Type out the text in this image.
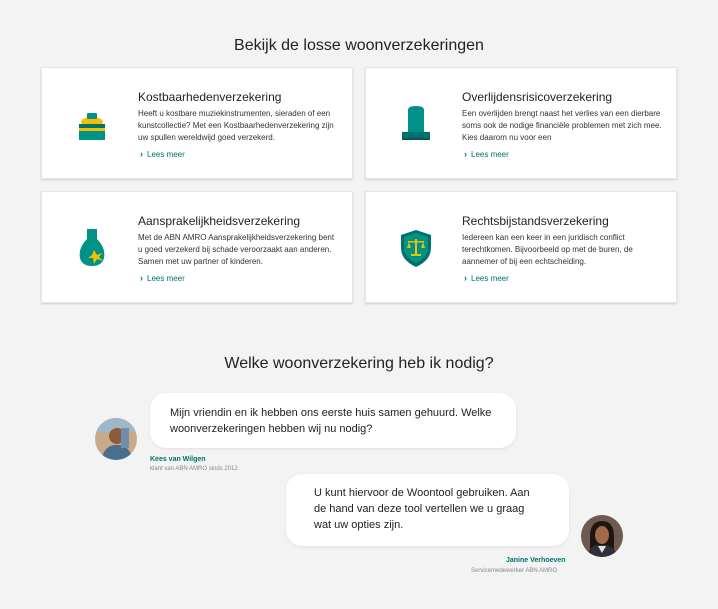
Bekijk de losse woonverzekeringen
Kostbaarhedenverzekering
Heeft u kostbare muziekinstrumenten, sieraden of een kunstcollectie? Met een Kostbaarhedenverzekering zijn uw spullen wereldwijd goed verzekerd.
› Lees meer
Overlijdensrisicoverzekering
Een overlijden brengt naast het verlies van een dierbare soms ook de nodige financiële problemen met zich mee. Kies daarom nu voor een
› Lees meer
Aansprakelijkheidsverzekering
Met de ABN AMRO Aansprakelijkheidsverzekering bent u goed verzekerd bij schade veroorzaakt aan anderen. Samen met uw partner of kinderen.
› Lees meer
Rechtsbijstandsverzekering
Iedereen kan een keer in een juridisch conflict terechtkomen. Bijvoorbeeld op met de buren, de aannemer of bij een echtscheiding.
› Lees meer
Welke woonverzekering heb ik nodig?
Mijn vriendin en ik hebben ons eerste huis samen gehuurd. Welke woonverzekeringen hebben wij nu nodig?
Kees van Wilgen
klant van ABN AMRO sinds 2012
U kunt hiervoor de Woontool gebruiken. Aan de hand van deze tool vertellen we u graag wat uw opties zijn.
Janine Verhoeven
Servicemedewerker ABN AMRO
